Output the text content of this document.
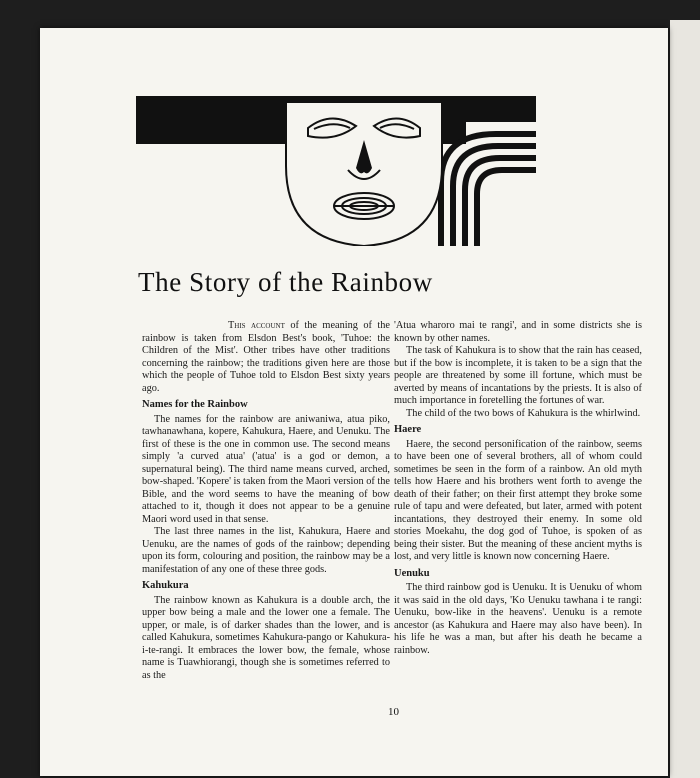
The Story of the Rainbow

This account of the meaning of the rainbow is taken from Elsdon Best's book, 'Tuhoe: the Children of the Mist'. Other tribes have other traditions concerning the rainbow; the traditions given here are those which the people of Tuhoe told to Elsdon Best sixty years ago.

Names for the Rainbow

The names for the rainbow are aniwaniwa, atua piko, tawhanawhana, kopere, Kahukura, Haere, and Uenuku. The first of these is the one in common use. The second means simply 'a curved atua' ('atua' is a god or demon, a supernatural being). The third name means curved, arched, bow-shaped. 'Kopere' is taken from the Maori version of the Bible, and the word seems to have the meaning of bow attached to it, though it does not appear to be a genuine Maori word used in that sense.

The last three names in the list, Kahukura, Haere and Uenuku, are the names of gods of the rainbow; depending upon its form, colouring and position, the rainbow may be a manifestation of any one of these three gods.

Kahukura

The rainbow known as Kahukura is a double arch, the upper bow being a male and the lower one a female. The upper, or male, is of darker shades than the lower, and is called Kahukura, sometimes Kahukura-pango or Kahukura-i-te-rangi. It embraces the lower bow, the female, whose name is Tuawhiorangi, though she is sometimes referred to as the

'Atua wharoro mai te rangi', and in some districts she is known by other names.

The task of Kahukura is to show that the rain has ceased, but if the bow is incomplete, it is taken to be a sign that the people are threatened by some ill fortune, which must be averted by means of incantations by the priests. It is also of much importance in foretelling the fortunes of war.

The child of the two bows of Kahukura is the whirlwind.

Haere

Haere, the second personification of the rainbow, seems to have been one of several brothers, all of whom could sometimes be seen in the form of a rainbow. An old myth tells how Haere and his brothers went forth to avenge the death of their father; on their first attempt they broke some rule of tapu and were defeated, but later, armed with potent incantations, they destroyed their enemy. In some old stories Moekahu, the dog god of Tuhoe, is spoken of as being their sister. But the meaning of these ancient myths is lost, and very little is known now concerning Haere.

Uenuku

The third rainbow god is Uenuku. It is Uenuku of whom it was said in the old days, 'Ko Uenuku tawhana i te rangi: Uenuku, bow-like in the heavens'. Uenuku is a remote ancestor (as Kahukura and Haere may also have been). In his life he was a man, but after his death he became a rainbow.

10
